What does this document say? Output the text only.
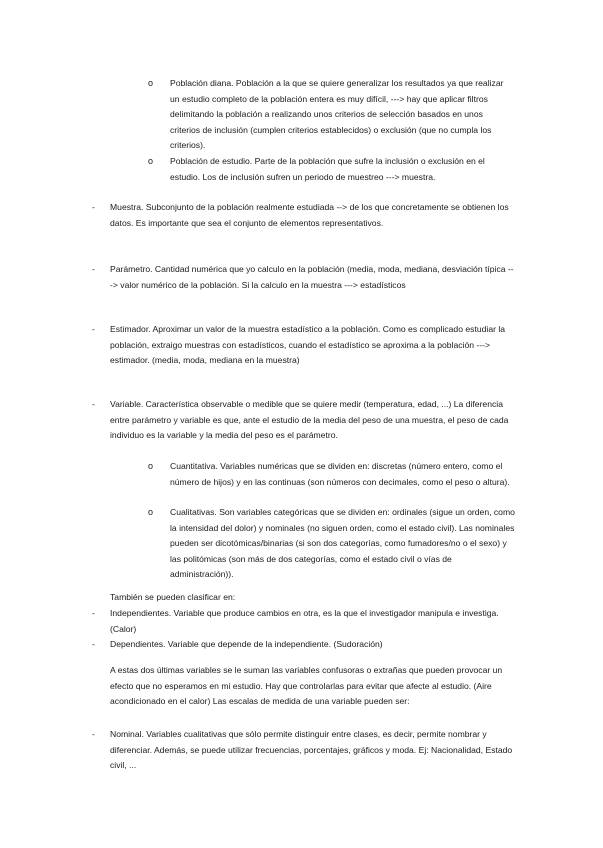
o Población diana. Población a la que se quiere generalizar los resultados ya que realizar un estudio completo de la población entera es muy difícil, ---> hay que aplicar filtros delimitando la población a realizando unos criterios de selección basados en unos criterios de inclusión (cumplen criterios establecidos) o exclusión (que no cumpla los criterios).

o Población de estudio. Parte de la población que sufre la inclusión o exclusión en el estudio. Los de inclusión sufren un periodo de muestreo ---> muestra.

- Muestra. Subconjunto de la población realmente estudiada --> de los que concretamente se obtienen los datos. Es importante que sea el conjunto de elementos representativos.

- Parámetro. Cantidad numérica que yo calculo en la población (media, moda, mediana, desviación típica ---> valor numérico de la población. Si la calculo en la muestra ---> estadísticos

- Estimador. Aproximar un valor de la muestra estadístico a la población. Como es complicado estudiar la población, extraigo muestras con estadísticos, cuando el estadístico se aproxima a la población ---> estimador. (media, moda, mediana en la muestra)

- Variable. Característica observable o medible que se quiere medir (temperatura, edad, ...) La diferencia entre parámetro y variable es que, ante el estudio de la media del peso de una muestra, el peso de cada individuo es la variable y la media del peso es el parámetro.

o Cuantitativa. Variables numéricas que se dividen en: discretas (número entero, como el número de hijos) y en las continuas (son números con decimales, como el peso o altura).

o Cualitativas. Son variables categóricas que se dividen en: ordinales (sigue un orden, como la intensidad del dolor) y nominales (no siguen orden, como el estado civil). Las nominales pueden ser dicotómicas/binarias (si son dos categorías, como fumadores/no o el sexo) y las politómicas (son más de dos categorías, como el estado civil o vías de administración)).

También se pueden clasificar en:

- Independientes. Variable que produce cambios en otra, es la que el investigador manipula e investiga. (Calor)

- Dependientes. Variable que depende de la independiente. (Sudoración)

A estas dos últimas variables se le suman las variables confusoras o extrañas que pueden provocar un efecto que no esperamos en mi estudio. Hay que controlarlas para evitar que afecte al estudio. (Aire acondicionado en el calor) Las escalas de medida de una variable pueden ser:

- Nominal. Variables cualitativas que sólo permite distinguir entre clases, es decir, permite nombrar y diferenciar. Además, se puede utilizar frecuencias, porcentajes, gráficos y moda. Ej: Nacionalidad, Estado civil, ...
